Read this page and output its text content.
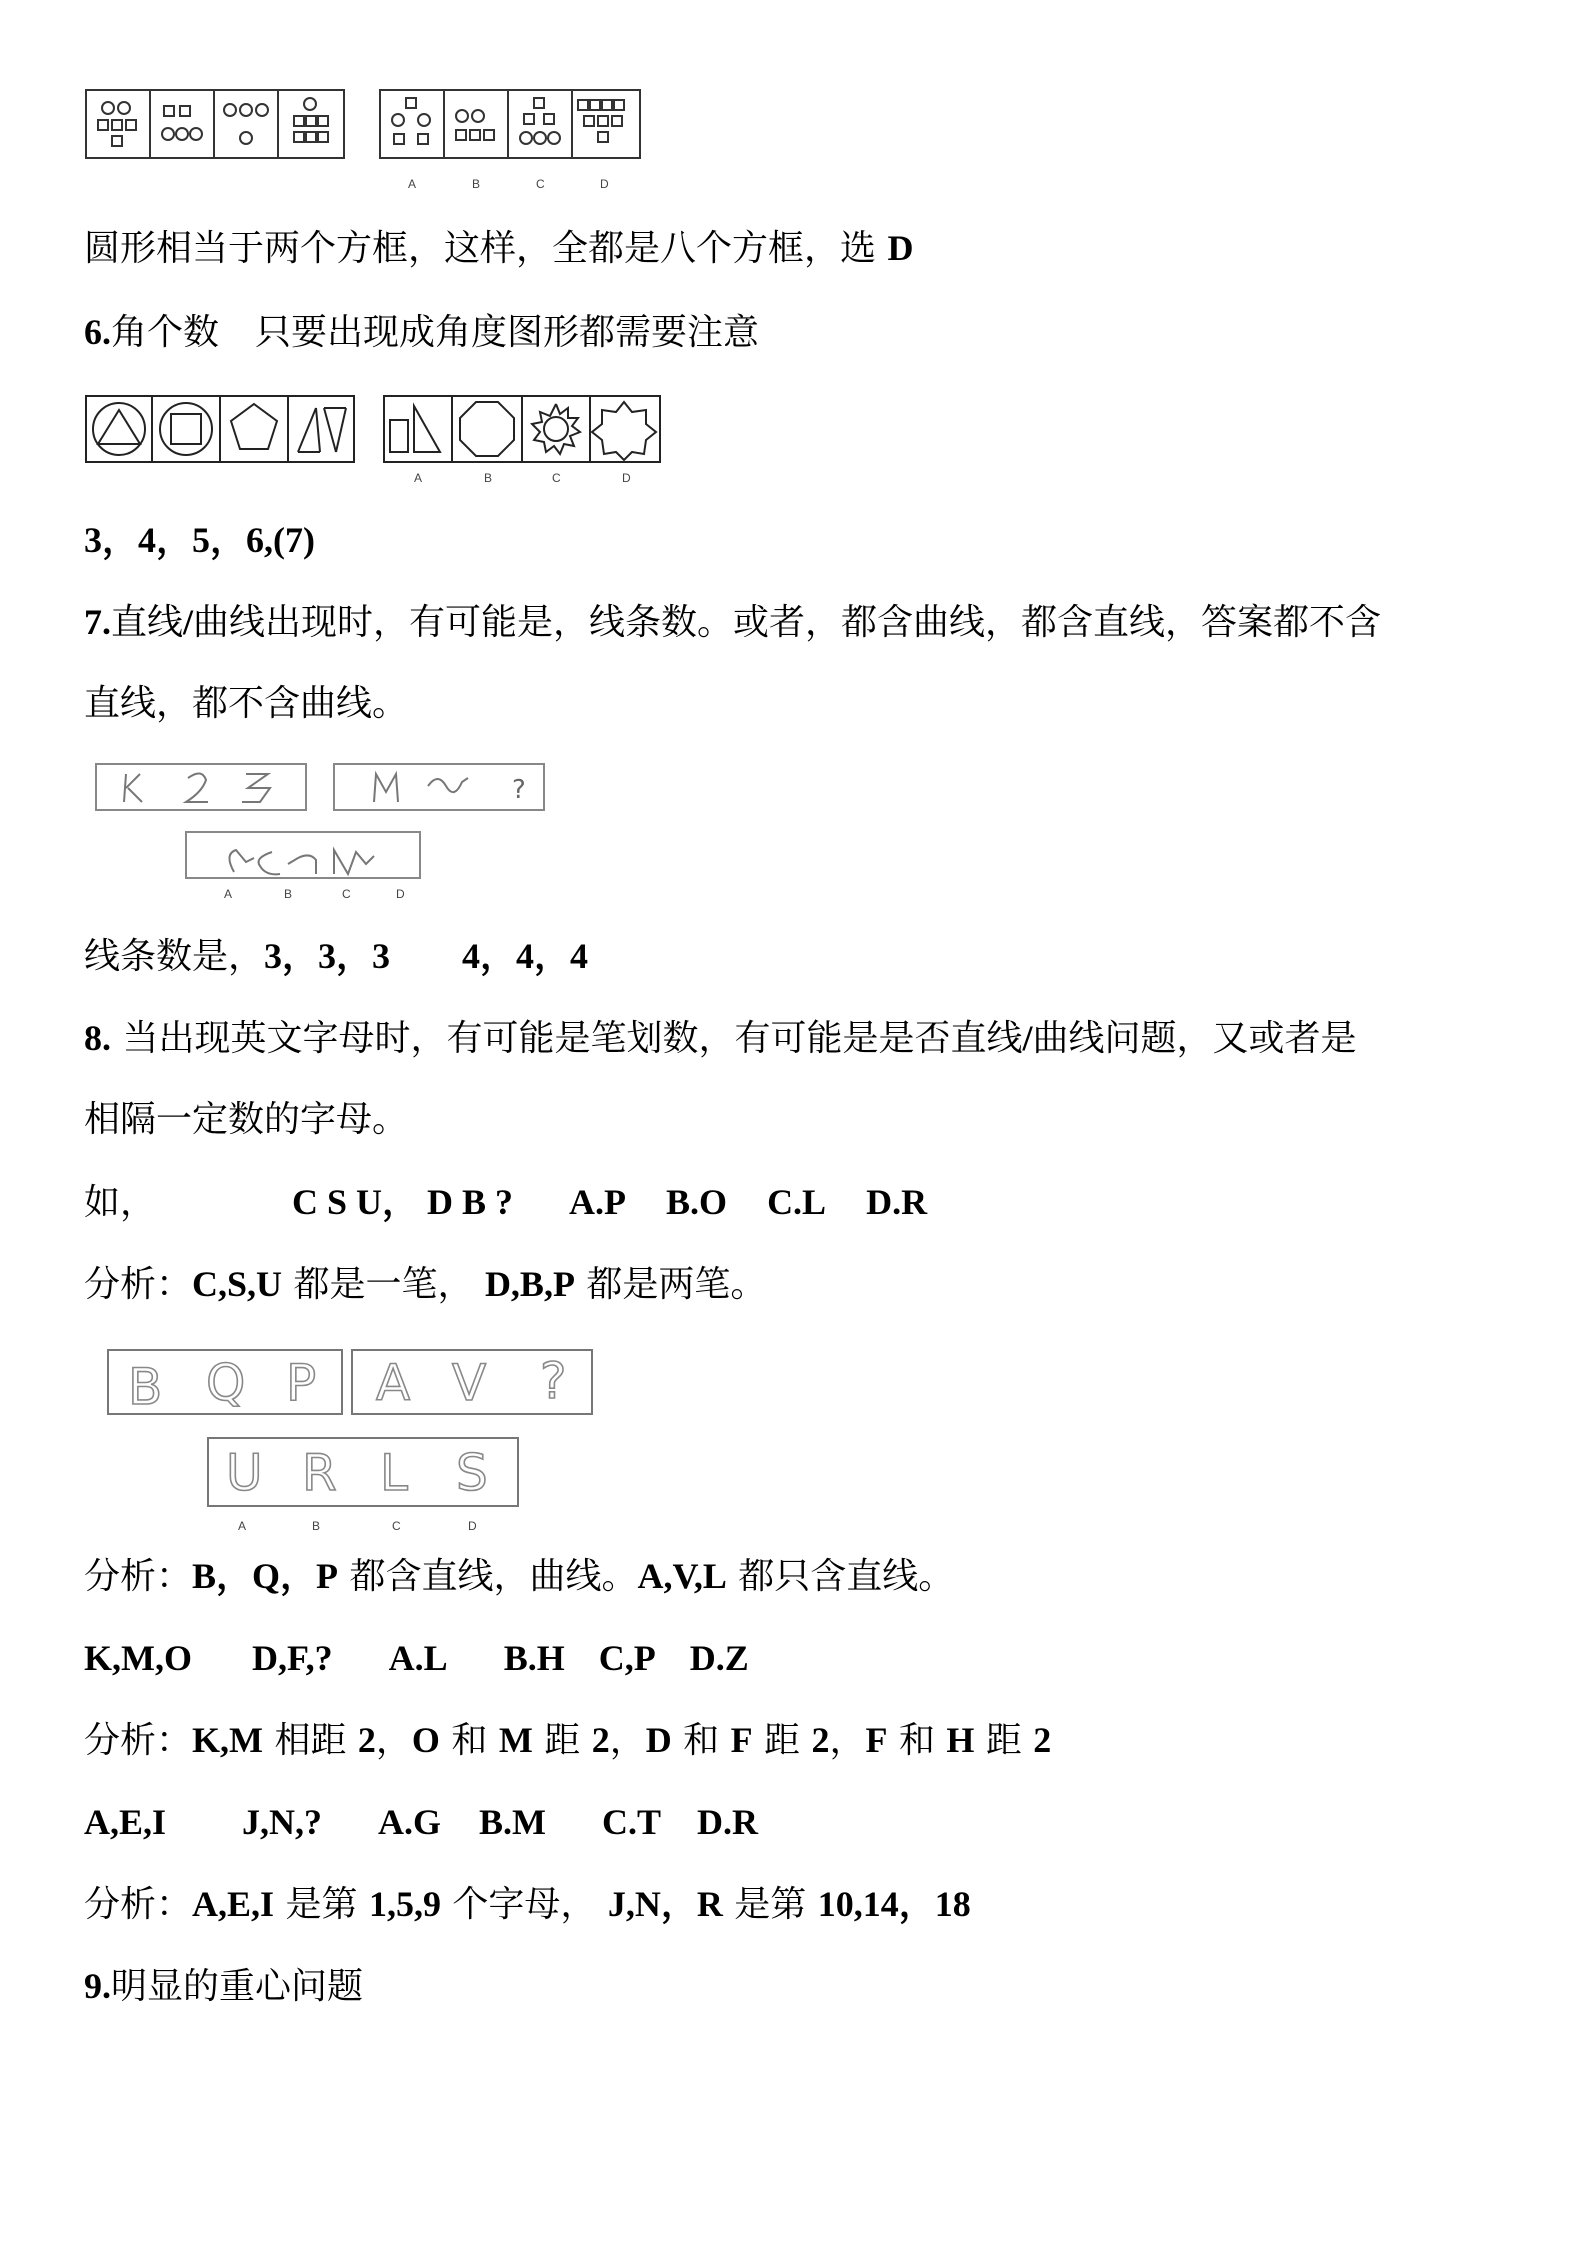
A	B	C	D
圆形相当于两个方框，这样，全都是八个方框，选 D
6.角个数　只要出现成角度图形都需要注意
A	B	C	D
3，4，5，6,(7)
7.直线/曲线出现时，有可能是，线条数。或者，都含曲线，都含直线，答案都不含
直线，都不含曲线。
?
A	B	C	D
线条数是，3，3，3　　4，4，4
8. 当出现英文字母时，有可能是笔划数，有可能是是否直线/曲线问题，又或者是
相隔一定数的字母。
如，	C S U， D B ? A.P B.O C.L D.R
分析：C,S,U 都是一笔， D,B,P 都是两笔。
B Q P A V ?
U R L S
A	B	C	D
分析：B，Q，P 都含直线，曲线。A,V,L 都只含直线。
K,M,O D,F,? A.L B.H C,P D.Z
分析：K,M 相距 2，O 和 M 距 2，D 和 F 距 2，F 和 H 距 2
A,E,I J,N,? A.G B.M C.T D.R
分析：A,E,I 是第 1,5,9 个字母， J,N，R 是第 10,14，18
9.明显的重心问题
